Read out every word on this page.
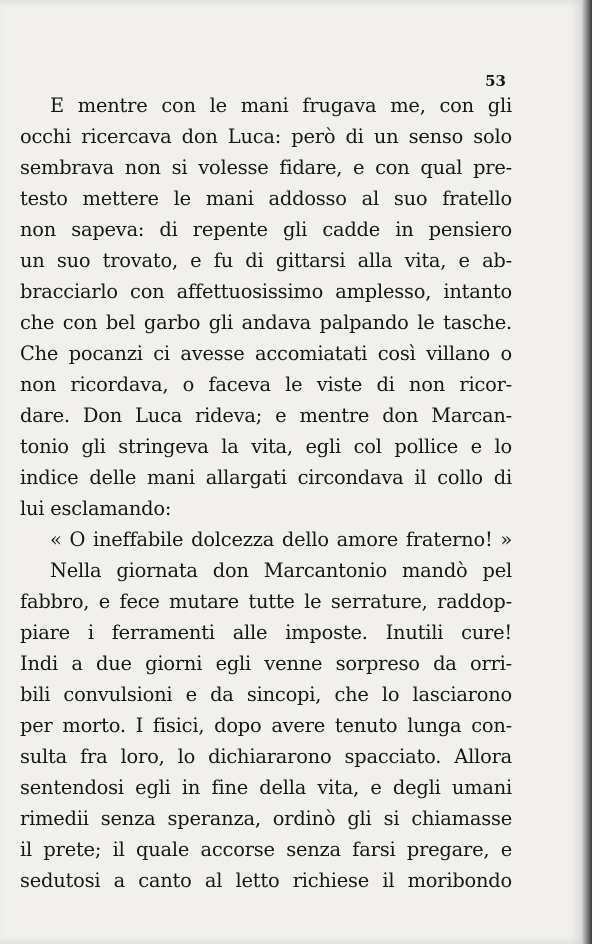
53
E mentre con le mani frugava me, con gli
occhi ricercava don Luca: però di un senso solo
sembrava non si volesse fidare, e con qual pre-
testo mettere le mani addosso al suo fratello
non sapeva: di repente gli cadde in pensiero
un suo trovato, e fu di gittarsi alla vita, e ab-
bracciarlo con affettuosissimo amplesso, intanto
che con bel garbo gli andava palpando le tasche.
Che pocanzi ci avesse accomiatati così villano o
non ricordava, o faceva le viste di non ricor-
dare. Don Luca rideva; e mentre don Marcan-
tonio gli stringeva la vita, egli col pollice e lo
indice delle mani allargati circondava il collo di
lui esclamando:
« O ineffabile dolcezza dello amore fraterno! »
Nella giornata don Marcantonio mandò pel
fabbro, e fece mutare tutte le serrature, raddop-
piare i ferramenti alle imposte. Inutili cure!
Indi a due giorni egli venne sorpreso da orri-
bili convulsioni e da sincopi, che lo lasciarono
per morto. I fisici, dopo avere tenuto lunga con-
sulta fra loro, lo dichiararono spacciato. Allora
sentendosi egli in fine della vita, e degli umani
rimedii senza speranza, ordinò gli si chiamasse
il prete; il quale accorse senza farsi pregare, e
sedutosi a canto al letto richiese il moribondo
